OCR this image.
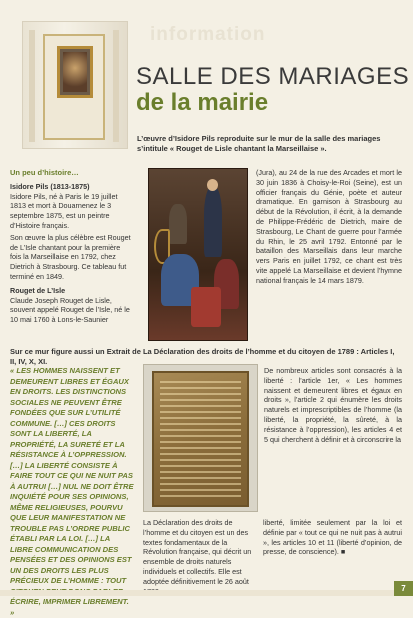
information
SALLE DES MARIAGES
de la mairie
L’œuvre d’Isidore Pils reproduite sur le mur de la salle des mariages s’intitule « Rouget de Lisle chantant la Marseillaise ».
Un peu d’histoire…
Isidore Pils (1813-1875)

Isidore Pils, né à Paris le 19 juillet 1813 et mort à Douarnenez le 3 septembre 1875, est un peintre d’Histoire français.

Son œuvre la plus célèbre est Rouget de L’Isle chantant pour la première fois la Marseillaise en 1792, chez Dietrich à Strasbourg. Ce tableau fut terminé en 1849.

Rouget de L’Isle

Claude Joseph Rouget de Lisle, souvent appelé Rouget de l’Isle, né le 10 mai 1760 à Lons-le-Saunier

(Jura), au 24 de la rue des Arcades et mort le 30 juin 1836 à Choisy-le-Roi (Seine), est un officier français du Génie, poète et auteur dramatique. En garnison à Strasbourg au début de la Révolution, il écrit, à la demande de Philippe-Frédéric de Dietrich, maire de Strasbourg, Le Chant de guerre pour l’armée du Rhin, le 25 avril 1792. Entonné par le bataillon des Marseillais dans leur marche vers Paris en juillet 1792, ce chant est très vite appelé La Marseillaise et devient l’hymne national français le 14 mars 1879.
Sur ce mur figure aussi un Extrait de La Déclaration des droits de l’homme et du citoyen de 1789 : Articles I, II, IV, X, XI.
« LES HOMMES NAISSENT ET DEMEURENT LIBRES ET ÉGAUX EN DROITS. LES DISTINCTIONS SOCIALES NE PEUVENT ÊTRE FONDÉES QUE SUR L’UTILITÉ COMMUNE. […] CES DROITS SONT LA LIBERTÉ, LA PROPRIÉTÉ, LA SURETÉ ET LA RÉSISTANCE À L’OPPRESSION. […] LA LIBERTÉ CONSISTE À FAIRE TOUT CE QUI NE NUIT PAS À AUTRUI […] NUL NE DOIT ÊTRE INQUIÉTÉ POUR SES OPINIONS, MÊME RELIGIEUSES, POURVU QUE LEUR MANIFESTATION NE TROUBLE PAS L’ORDRE PUBLIC ÉTABLI PAR LA LOI. […] LA LIBRE COMMUNICATION DES PENSÉES ET DES OPINIONS EST UN DES DROITS LES PLUS PRÉCIEUX DE L’HOMME : TOUT ÉCRIRE, IMPRIMER LIBREMENT. »
La Déclaration des droits de l’homme et du citoyen est un des textes fondamentaux de la Révolution française, qui décrit un ensemble de droits naturels individuels et collectifs. Elle est adoptée définitivement le 26 août
De nombreux articles sont consacrés à la liberté : l’article 1er, « Les hommes naissent et demeurent libres et égaux en droits », l’article 2 qui énumère les droits naturels et imprescriptibles de l’homme (la liberté, la propriété, la sûreté, à la résistance à l’oppression), les articles 4 et 5 qui cherchent à définir et à circonscrire la
liberté, limitée seulement par la loi et définie par « tout ce qui ne nuit pas à autrui », les articles 10 et 11 (liberté d’opinion, de presse, de conscience). ■
7
